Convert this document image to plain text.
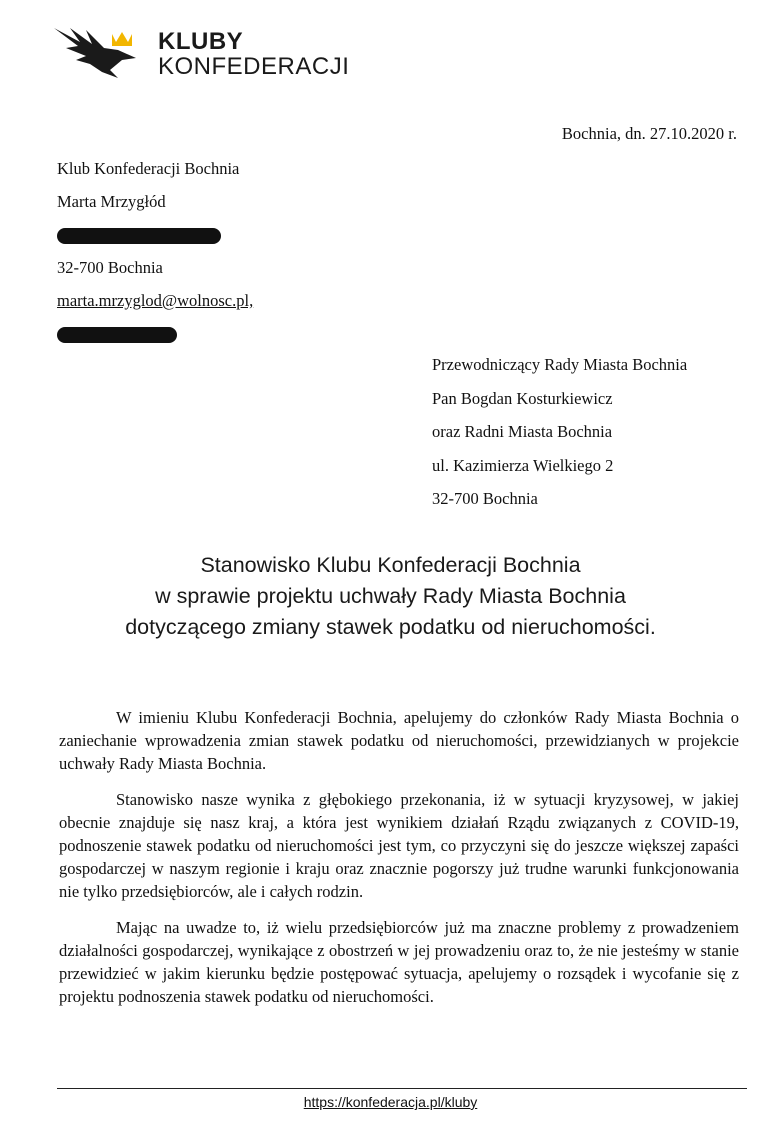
KLUBY
KONFEDERACJI
Bochnia, dn. 27.10.2020 r.
Klub Konfederacji Bochnia
Marta Mrzygłód
32-700 Bochnia
marta.mrzyglod@wolnosc.pl,
Przewodniczący Rady Miasta Bochnia
Pan Bogdan Kosturkiewicz
oraz Radni Miasta Bochnia
ul. Kazimierza Wielkiego 2
32-700 Bochnia
Stanowisko Klubu Konfederacji Bochnia
w sprawie projektu uchwały Rady Miasta Bochnia
dotyczącego zmiany stawek podatku od nieruchomości.

W imieniu Klubu Konfederacji Bochnia, apelujemy do członków Rady Miasta Bochnia o zaniechanie wprowadzenia zmian stawek podatku od nieruchomości, przewidzianych w projekcie uchwały Rady Miasta Bochnia.

Stanowisko nasze wynika z głębokiego przekonania, iż w sytuacji kryzysowej, w jakiej obecnie znajduje się nasz kraj, a która jest wynikiem działań Rządu związanych z COVID-19, podnoszenie stawek podatku od nieruchomości jest tym, co przyczyni się do jeszcze większej zapaści gospodarczej w naszym regionie i kraju oraz znacznie pogorszy już trudne warunki funkcjonowania nie tylko przedsiębiorców, ale i całych rodzin.

Mając na uwadze to, iż wielu przedsiębiorców już ma znaczne problemy z prowadzeniem działalności gospodarczej, wynikające z obostrzeń w jej prowadzeniu oraz to, że nie jesteśmy w stanie przewidzieć w jakim kierunku będzie postępować sytuacja, apelujemy o rozsądek i wycofanie się z projektu podnoszenia stawek podatku od nieruchomości.

https://konfederacja.pl/kluby
